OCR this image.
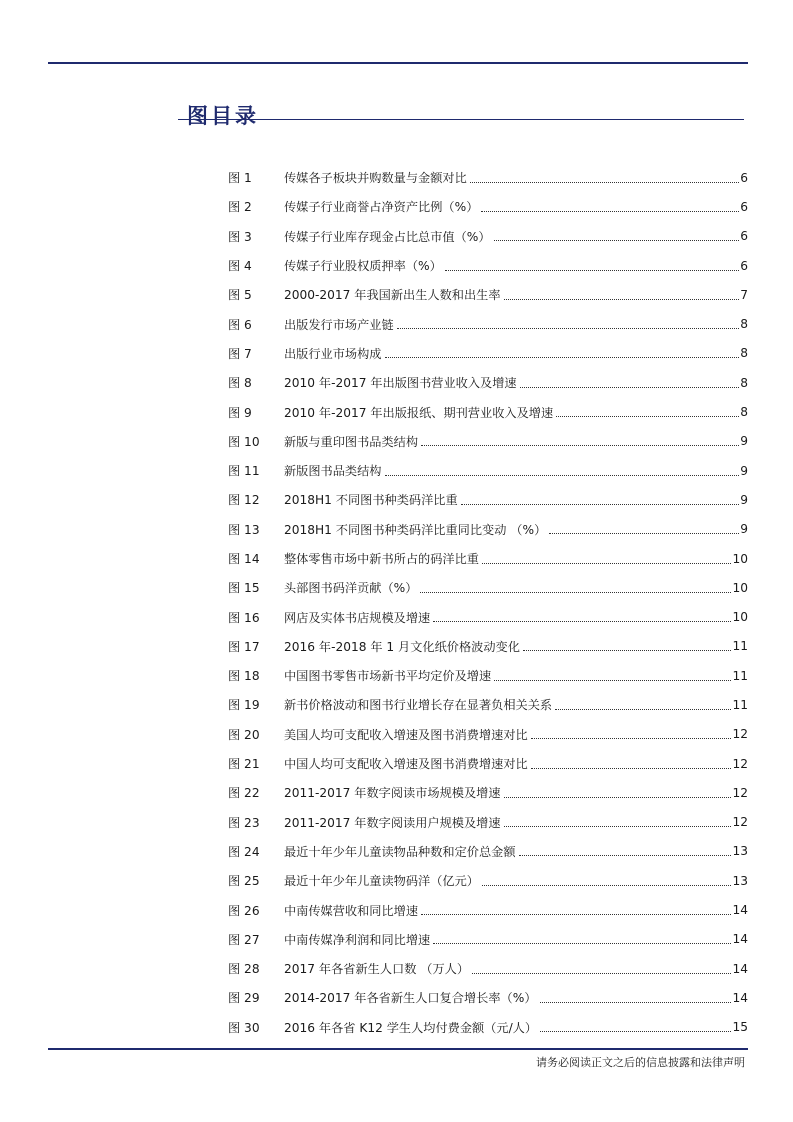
图目录
图 1	传媒各子板块并购数量与金额对比	6
图 2	传媒子行业商誉占净资产比例（%）	6
图 3	传媒子行业库存现金占比总市值（%）	6
图 4	传媒子行业股权质押率（%）	6
图 5	2000-2017 年我国新出生人数和出生率	7
图 6	出版发行市场产业链	8
图 7	出版行业市场构成	8
图 8	2010 年-2017 年出版图书营业收入及增速	8
图 9	2010 年-2017 年出版报纸、期刊营业收入及增速	8
图 10	新版与重印图书品类结构	9
图 11	新版图书品类结构	9
图 12	2018H1 不同图书种类码洋比重	9
图 13	2018H1 不同图书种类码洋比重同比变动 （%）	9
图 14	整体零售市场中新书所占的码洋比重	10
图 15	头部图书码洋贡献（%）	10
图 16	网店及实体书店规模及增速	10
图 17	2016 年-2018 年 1 月文化纸价格波动变化	11
图 18	中国图书零售市场新书平均定价及增速	11
图 19	新书价格波动和图书行业增长存在显著负相关关系	11
图 20	美国人均可支配收入增速及图书消费增速对比	12
图 21	中国人均可支配收入增速及图书消费增速对比	12
图 22	2011-2017 年数字阅读市场规模及增速	12
图 23	2011-2017 年数字阅读用户规模及增速	12
图 24	最近十年少年儿童读物品种数和定价总金额	13
图 25	最近十年少年儿童读物码洋（亿元）	13
图 26	中南传媒营收和同比增速	14
图 27	中南传媒净利润和同比增速	14
图 28	2017 年各省新生人口数 （万人）	14
图 29	2014-2017 年各省新生人口复合增长率（%）	14
图 30	2016 年各省 K12 学生人均付费金额（元/人）	15
请务必阅读正文之后的信息披露和法律声明
